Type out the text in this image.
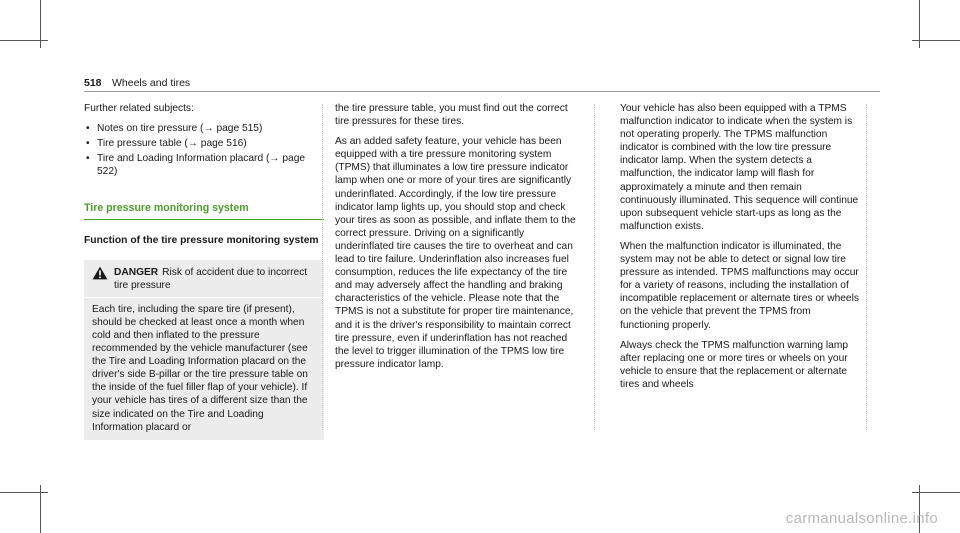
518 Wheels and tires

Further related subjects:

• Notes on tire pressure (→ page 515)
• Tire pressure table (→ page 516)
• Tire and Loading Information placard (→ page 522)
Tire pressure monitoring system
Function of the tire pressure monitoring system
DANGER Risk of accident due to incorrect tire pressure
Each tire, including the spare tire (if present), should be checked at least once a month when cold and then inflated to the pressure recommended by the vehicle manufacturer (see the Tire and Loading Information placard on the driver's side B-pillar or the tire pressure table on the inside of the fuel filler flap of your vehicle). If your vehicle has tires of a different size than the size indicated on the Tire and Loading Information placard or

the tire pressure table, you must find out the correct tire pressures for these tires.

As an added safety feature, your vehicle has been equipped with a tire pressure monitoring system (TPMS) that illuminates a low tire pressure indicator lamp when one or more of your tires are significantly underinflated. Accordingly, if the low tire pressure indicator lamp lights up, you should stop and check your tires as soon as possible, and inflate them to the correct pressure. Driving on a significantly underinflated tire causes the tire to overheat and can lead to tire failure. Underinflation also increases fuel consumption, reduces the life expectancy of the tire and may adversely affect the handling and braking characteristics of the vehicle. Please note that the TPMS is not a substitute for proper tire maintenance, and it is the driver's responsibility to maintain correct tire pressure, even if underinflation has not reached the level to trigger illumination of the TPMS low tire pressure indicator lamp.

Your vehicle has also been equipped with a TPMS malfunction indicator to indicate when the system is not operating properly. The TPMS malfunction indicator is combined with the low tire pressure indicator lamp. When the system detects a malfunction, the indicator lamp will flash for approximately a minute and then remain continuously illuminated. This sequence will continue upon subsequent vehicle start-ups as long as the malfunction exists.

When the malfunction indicator is illuminated, the system may not be able to detect or signal low tire pressure as intended. TPMS malfunctions may occur for a variety of reasons, including the installation of incompatible replacement or alternate tires or wheels on the vehicle that prevent the TPMS from functioning properly.

Always check the TPMS malfunction warning lamp after replacing one or more tires or wheels on your vehicle to ensure that the replacement or alternate tires and wheels

carmanualsonline.info
